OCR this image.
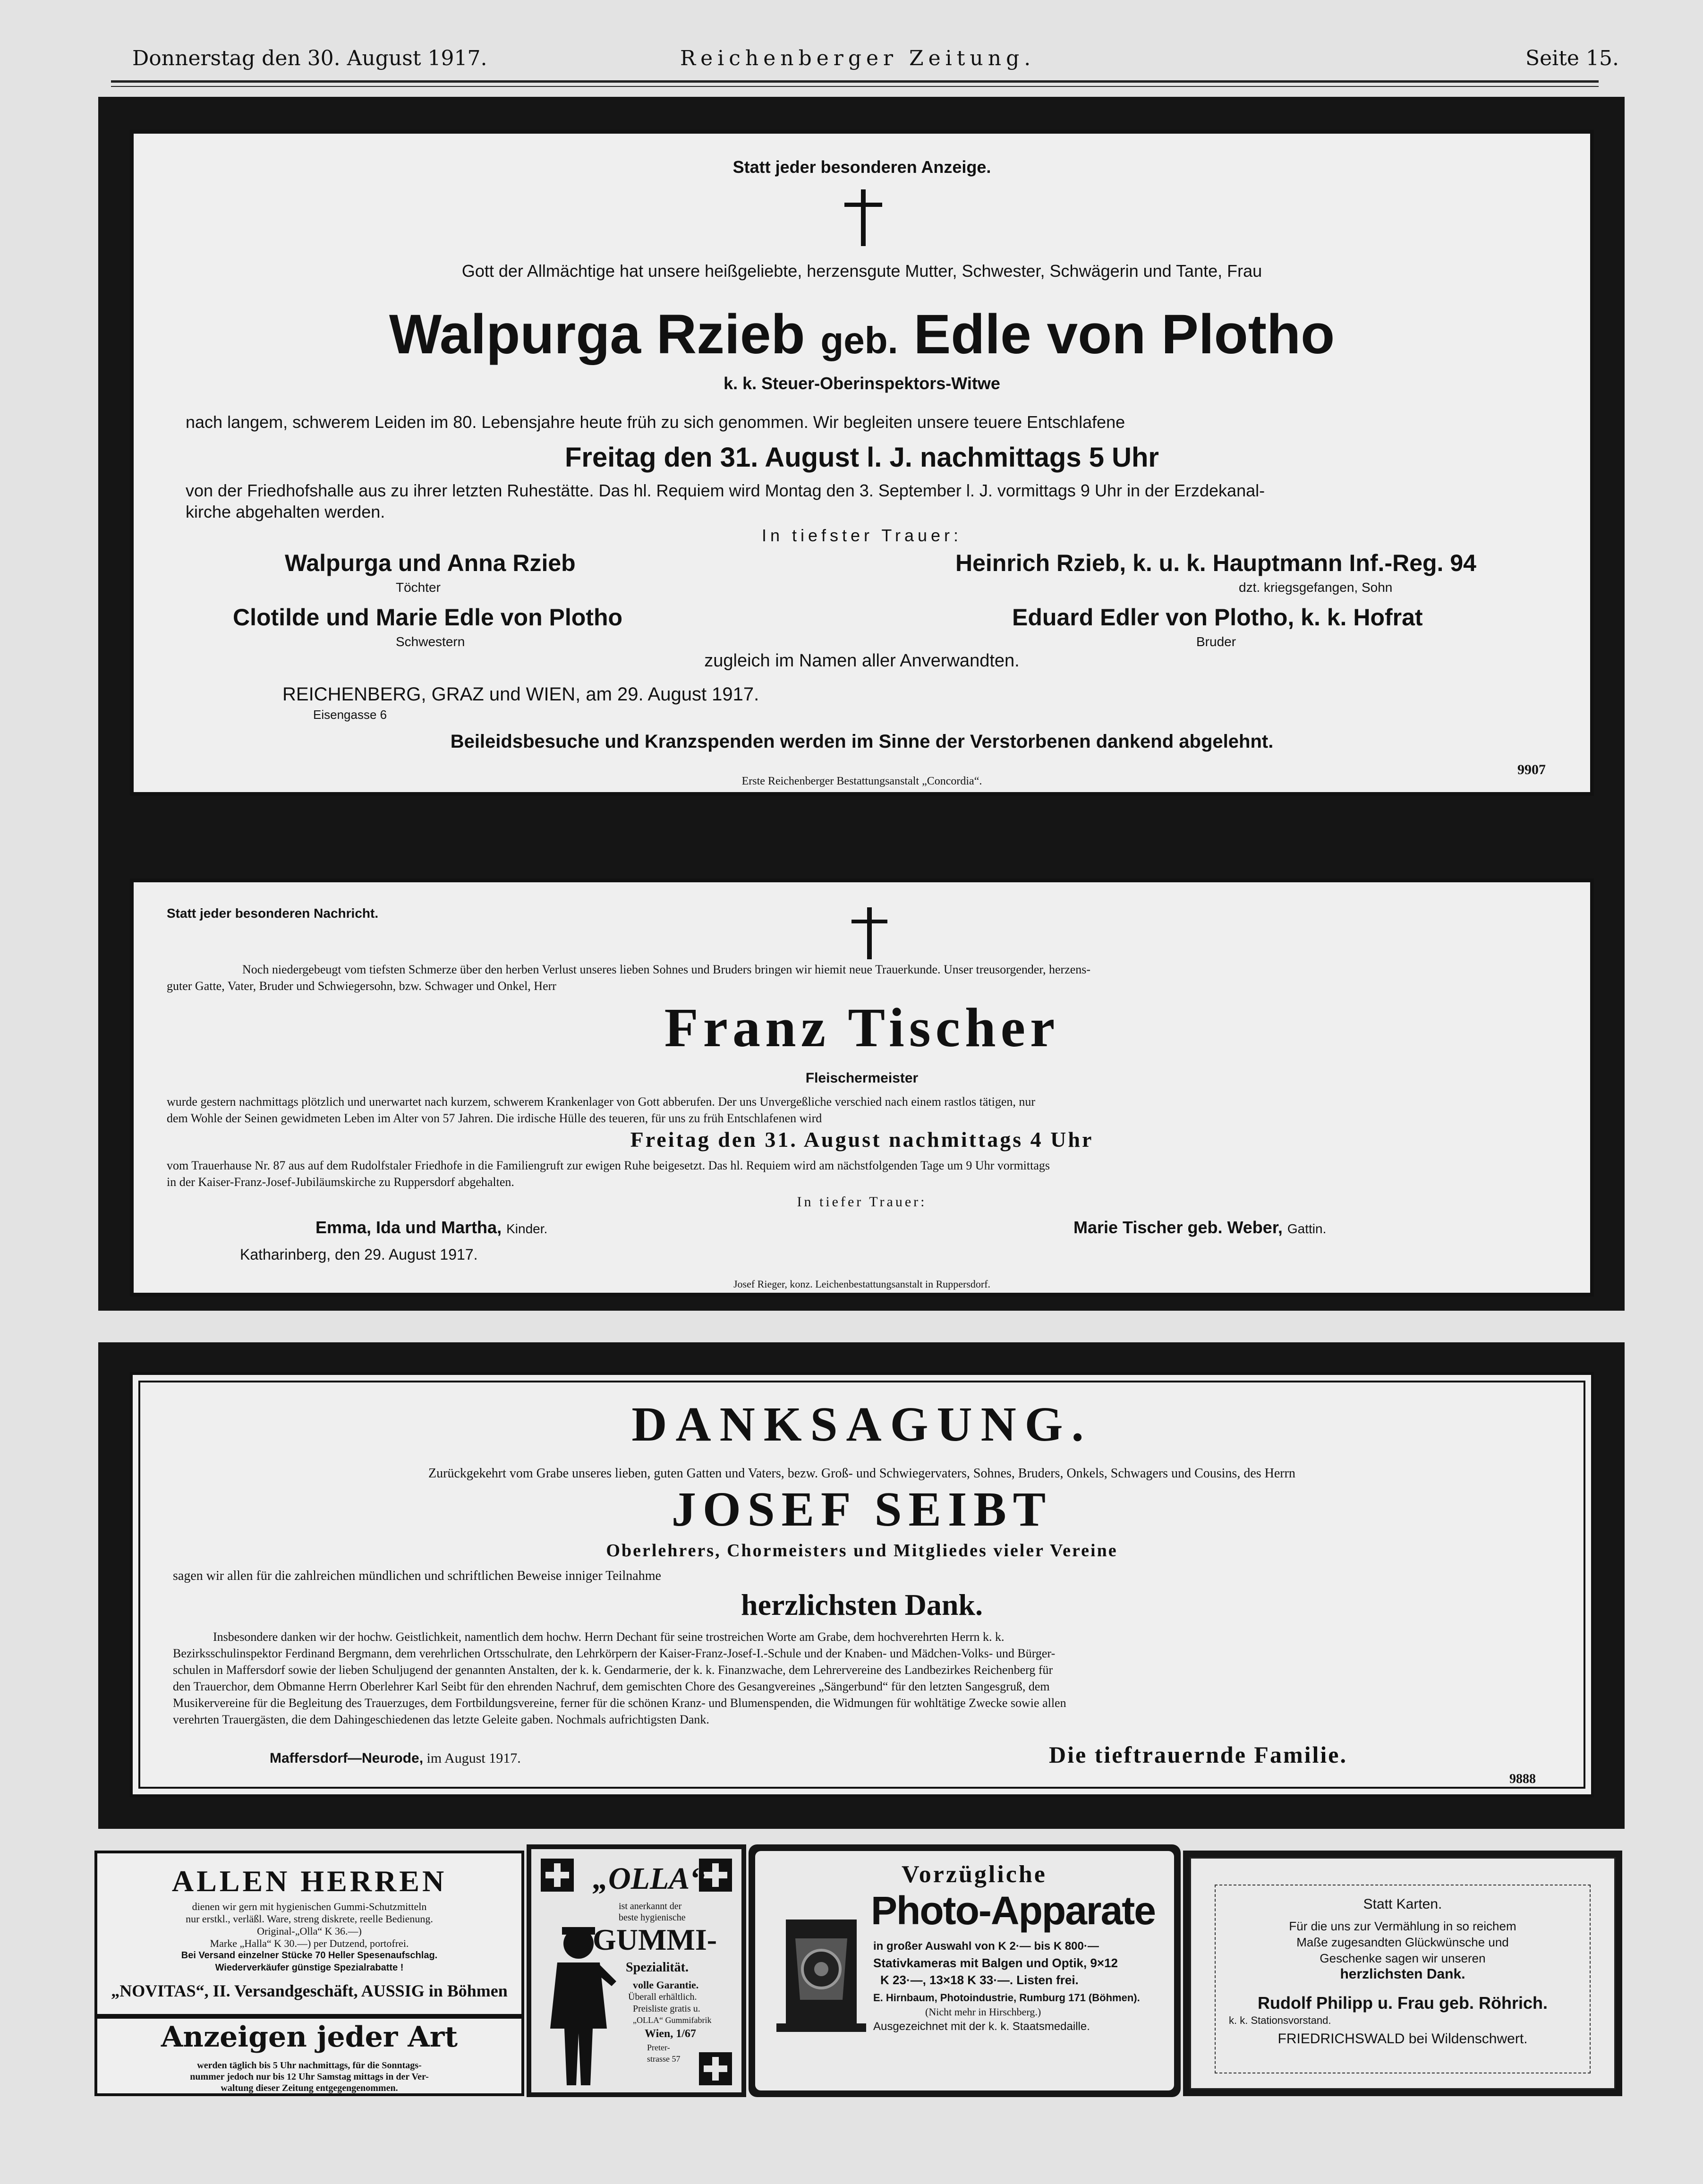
Donnerstag den 30. August 1917.	Reichenberger Zeitung.	Seite 15.
Statt jeder besonderen Anzeige.
Gott der Allmächtige hat unsere heißgeliebte, herzensgute Mutter, Schwester, Schwägerin und Tante, Frau
Walpurga Rzieb geb. Edle von Plotho
k. k. Steuer-Oberinspektors-Witwe
nach langem, schwerem Leiden im 80. Lebensjahre heute früh zu sich genommen. Wir begleiten unsere teuere Entschlafene
Freitag den 31. August l. J. nachmittags 5 Uhr
von der Friedhofshalle aus zu ihrer letzten Ruhestätte. Das hl. Requiem wird Montag den 3. September l. J. vormittags 9 Uhr in der Erzdekanal-
kirche abgehalten werden.
In tiefster Trauer:
Walpurga und Anna Rzieb
Töchter
Heinrich Rzieb, k. u. k. Hauptmann Inf.-Reg. 94
dzt. kriegsgefangen, Sohn
Clotilde und Marie Edle von Plotho
Schwestern
Eduard Edler von Plotho, k. k. Hofrat
Bruder
zugleich im Namen aller Anverwandten.
REICHENBERG, GRAZ und WIEN, am 29. August 1917.
Eisengasse 6
Beileidsbesuche und Kranzspenden werden im Sinne der Verstorbenen dankend abgelehnt.
Erste Reichenberger Bestattungsanstalt „Concordia“.
9907
Statt jeder besonderen Nachricht.
Noch niedergebeugt vom tiefsten Schmerze über den herben Verlust unseres lieben Sohnes und Bruders bringen wir hiemit neue Trauerkunde. Unser treusorgender, herzens-
guter Gatte, Vater, Bruder und Schwiegersohn, bzw. Schwager und Onkel, Herr
Franz Tischer
Fleischermeister
wurde gestern nachmittags plötzlich und unerwartet nach kurzem, schwerem Krankenlager von Gott abberufen. Der uns Unvergeßliche verschied nach einem rastlos tätigen, nur
dem Wohle der Seinen gewidmeten Leben im Alter von 57 Jahren. Die irdische Hülle des teueren, für uns zu früh Entschlafenen wird
Freitag den 31. August nachmittags 4 Uhr
vom Trauerhause Nr. 87 aus auf dem Rudolfstaler Friedhofe in die Familiengruft zur ewigen Ruhe beigesetzt. Das hl. Requiem wird am nächstfolgenden Tage um 9 Uhr vormittags
in der Kaiser-Franz-Josef-Jubiläumskirche zu Ruppersdorf abgehalten.
In tiefer Trauer:
Emma, Ida und Martha, Kinder.	Marie Tischer geb. Weber, Gattin.
Katharinberg, den 29. August 1917.
Josef Rieger, konz. Leichenbestattungsanstalt in Ruppersdorf.
DANKSAGUNG.
Zurückgekehrt vom Grabe unseres lieben, guten Gatten und Vaters, bezw. Groß- und Schwiegervaters, Sohnes, Bruders, Onkels, Schwagers und Cousins, des Herrn
JOSEF SEIBT
Oberlehrers, Chormeisters und Mitgliedes vieler Vereine
sagen wir allen für die zahlreichen mündlichen und schriftlichen Beweise inniger Teilnahme
herzlichsten Dank.
Insbesondere danken wir der hochw. Geistlichkeit, namentlich dem hochw. Herrn Dechant für seine trostreichen Worte am Grabe, dem hochverehrten Herrn k. k.
Bezirksschulinspektor Ferdinand Bergmann, dem verehrlichen Ortsschulrate, den Lehrkörpern der Kaiser-Franz-Josef-I.-Schule und der Knaben- und Mädchen-Volks- und Bürger-
schulen in Maffersdorf sowie der lieben Schuljugend der genannten Anstalten, der k. k. Gendarmerie, der k. k. Finanzwache, dem Lehrervereine des Landbezirkes Reichenberg für
den Trauerchor, dem Obmanne Herrn Oberlehrer Karl Seibt für den ehrenden Nachruf, dem gemischten Chore des Gesangvereines „Sängerbund“ für den letzten Sangesgruß, dem
Musikervereine für die Begleitung des Trauerzuges, dem Fortbildungsvereine, ferner für die schönen Kranz- und Blumenspenden, die Widmungen für wohltätige Zwecke sowie allen
verehrten Trauergästen, die dem Dahingeschiedenen das letzte Geleite gaben. Nochmals aufrichtigsten Dank.
Maffersdorf—Neurode, im August 1917.	Die tieftrauernde Familie.
9888
ALLEN HERREN
dienen wir gern mit hygienischen Gummi-Schutzmitteln
nur erstkl., verläßl. Ware, streng diskrete, reelle Bedienung.
Original-„Olla“ K 36.—)
Marke „Halla“ K 30.—) per Dutzend, portofrei.
Bei Versand einzelner Stücke 70 Heller Spesenaufschlag.
Wiederverkäufer günstige Spezialrabatte !
„NOVITAS“, II. Versandgeschäft, AUSSIG in Böhmen
Anzeigen jeder Art
werden täglich bis 5 Uhr nachmittags, für die Sonntags-
nummer jedoch nur bis 12 Uhr Samstag mittags in der Ver-
waltung dieser Zeitung entgegengenommen.
„OLLA“
ist anerkannt der
beste hygienische
GUMMI-
Spezialität.
volle Garantie.
Überall erhältlich.
Preisliste gratis u.
„OLLA“ Gummifabrik
Wien, 1/67
Preter-
strasse 57
Vorzügliche
Photo-Apparate
in großer Auswahl von K 2·— bis K 800·—
Stativkameras mit Balgen und Optik, 9×12
K 23·—, 13×18 K 33·—. Listen frei.
E. Hirnbaum, Photoindustrie, Rumburg 171 (Böhmen).
(Nicht mehr in Hirschberg.)
Ausgezeichnet mit der k. k. Staatsmedaille.
Statt Karten.
Für die uns zur Vermählung in so reichem
Maße zugesandten Glückwünsche und
Geschenke sagen wir unseren
herzlichsten Dank.
Rudolf Philipp u. Frau geb. Röhrich.
k. k. Stationsvorstand.
FRIEDRICHSWALD bei Wildenschwert.
